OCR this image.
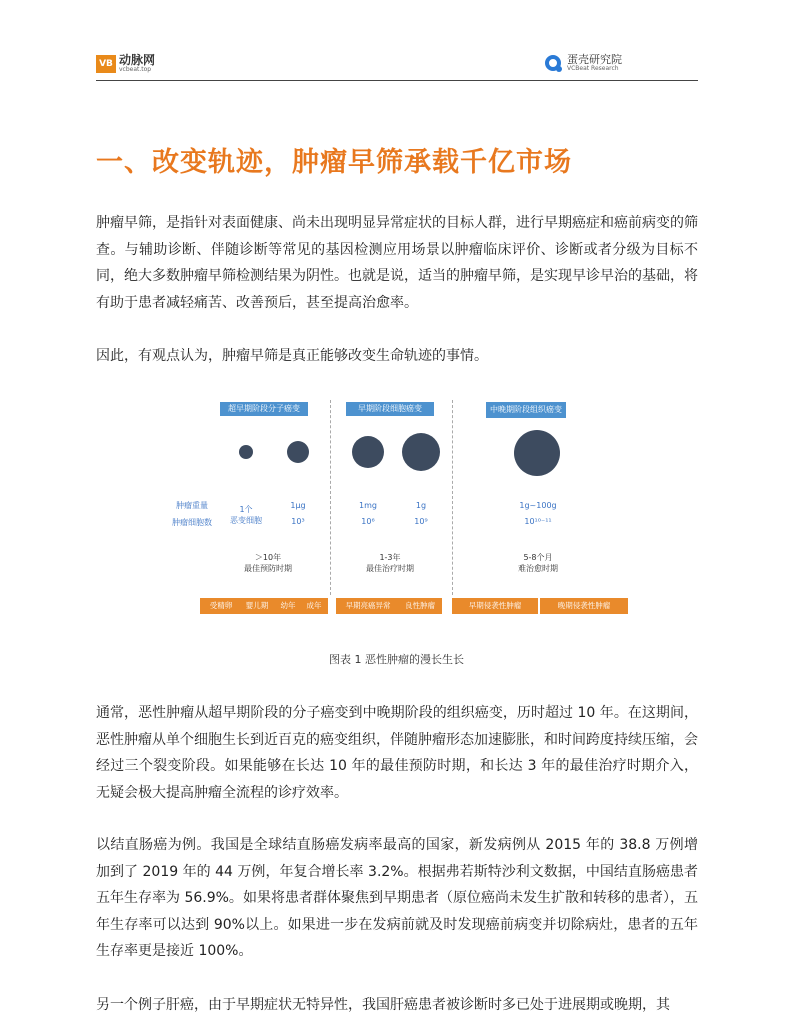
VB 动脉网
vcbeat.top
蛋壳研究院
VCBeat Research
一、改变轨迹，肿瘤早筛承载千亿市场

肿瘤早筛，是指针对表面健康、尚未出现明显异常症状的目标人群，进行早期癌症和癌前病变的筛查。与辅助诊断、伴随诊断等常见的基因检测应用场景以肿瘤临床评价、诊断或者分级为目标不同，绝大多数肿瘤早筛检测结果为阴性。也就是说，适当的肿瘤早筛，是实现早诊早治的基础，将有助于患者减轻痛苦、改善预后，甚至提高治愈率。

因此，有观点认为，肿瘤早筛是真正能够改变生命轨迹的事情。

超早期阶段分子癌变	早期阶段细胞癌变	中晚期阶段组织癌变
肿瘤重量
肿瘤细胞数
1个
恶变细胞
1μg	1mg	1g	1g~100g
10³	10⁶	10⁹	10¹⁰⁻¹¹
＞10年
最佳预防时期
1-3年
最佳治疗时期
5-8个月
难治愈时期
受精卵	婴儿期	幼年	成年	早期亮癌异常	良性肿瘤	早期侵袭性肿瘤	晚期侵袭性肿瘤
图表 1 恶性肿瘤的漫长生长

通常，恶性肿瘤从超早期阶段的分子癌变到中晚期阶段的组织癌变，历时超过 10 年。在这期间，恶性肿瘤从单个细胞生长到近百克的癌变组织，伴随肿瘤形态加速膨胀，和时间跨度持续压缩，会经过三个裂变阶段。如果能够在长达 10 年的最佳预防时期，和长达 3 年的最佳治疗时期介入，无疑会极大提高肿瘤全流程的诊疗效率。

以结直肠癌为例。我国是全球结直肠癌发病率最高的国家，新发病例从 2015 年的 38.8 万例增加到了 2019 年的 44 万例，年复合增长率 3.2%。根据弗若斯特沙利文数据，中国结直肠癌患者五年生存率为 56.9%。如果将患者群体聚焦到早期患者（原位癌尚未发生扩散和转移的患者），五年生存率可以达到 90%以上。如果进一步在发病前就及时发现癌前病变并切除病灶，患者的五年生存率更是接近 100%。

另一个例子肝癌，由于早期症状无特异性，我国肝癌患者被诊断时多已处于进展期或晚期，其
